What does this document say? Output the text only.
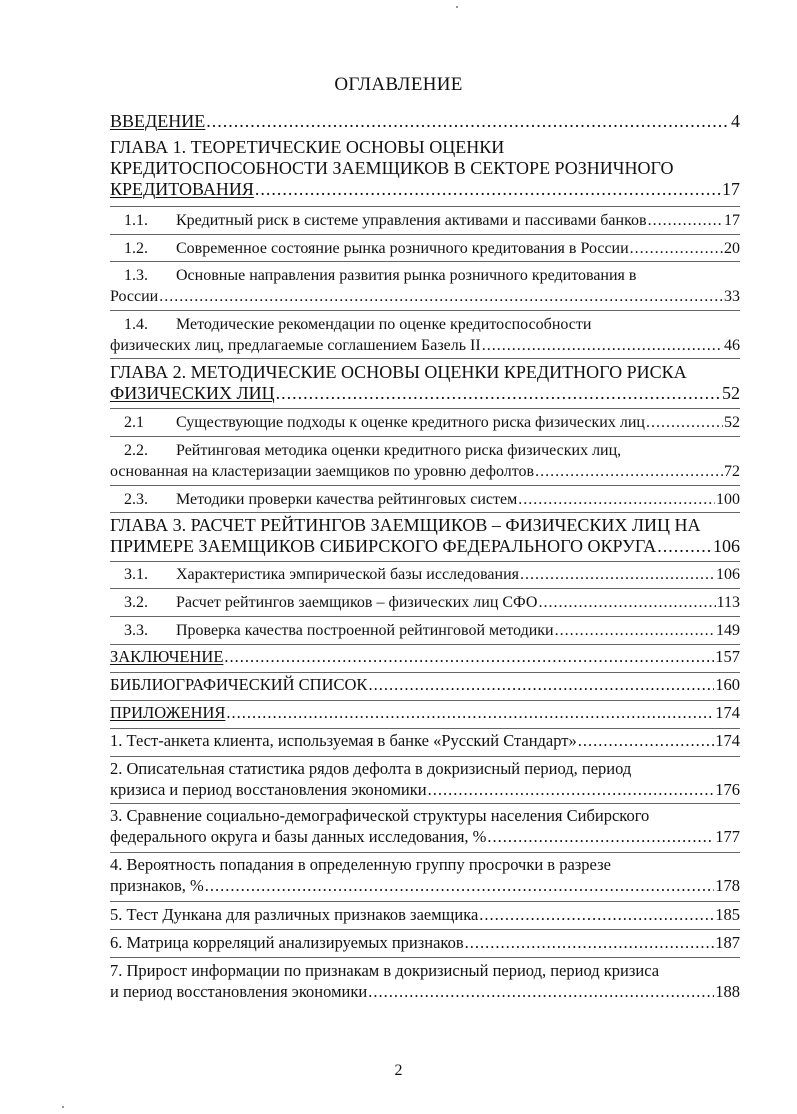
ОГЛАВЛЕНИЕ
ВВЕДЕНИЕ .....	4
ГЛАВА 1. ТЕОРЕТИЧЕСКИЕ ОСНОВЫ ОЦЕНКИ
КРЕДИТОСПОСОБНОСТИ ЗАЕМЩИКОВ В СЕКТОРЕ РОЗНИЧНОГО
КРЕДИТОВАНИЯ .....	17
1.1.	Кредитный риск в системе управления активами и пассивами банков .....	17
1.2.	Современное состояние рынка розничного кредитования в России .....	20
1.3.	Основные направления развития рынка розничного кредитования в
России .....	33
1.4.	Методические рекомендации по оценке кредитоспособности
физических лиц, предлагаемые соглашением Базель II .....	46
ГЛАВА 2. МЕТОДИЧЕСКИЕ ОСНОВЫ ОЦЕНКИ КРЕДИТНОГО РИСКА
ФИЗИЧЕСКИХ ЛИЦ .....	52
2.1	Существующие подходы к оценке кредитного риска физических лиц .....	52
2.2.	Рейтинговая методика оценки кредитного риска физических лиц,
основанная на кластеризации заемщиков по уровню дефолтов .....	72
2.3.	Методики проверки качества рейтинговых систем .....	100
ГЛАВА 3. РАСЧЕТ РЕЙТИНГОВ ЗАЕМЩИКОВ – ФИЗИЧЕСКИХ ЛИЦ НА
ПРИМЕРЕ ЗАЕМЩИКОВ СИБИРСКОГО ФЕДЕРАЛЬНОГО ОКРУГА .....	106
3.1.	Характеристика эмпирической базы исследования .....	106
3.2.	Расчет рейтингов заемщиков – физических лиц СФО .....	113
3.3.	Проверка качества построенной рейтинговой методики .....	149
ЗАКЛЮЧЕНИЕ .....	157
БИБЛИОГРАФИЧЕСКИЙ СПИСОК .....	160
ПРИЛОЖЕНИЯ .....	174
1. Тест-анкета клиента, используемая в банке «Русский Стандарт» .....	174
2. Описательная статистика рядов дефолта в докризисный период, период
кризиса и период восстановления экономики .....	176
3. Сравнение социально-демографической структуры населения Сибирского
федерального округа и базы данных исследования, % .....	177
4. Вероятность попадания в определенную группу просрочки в разрезе
признаков, % .....	178
5. Тест Дункана для различных признаков заемщика .....	185
6. Матрица корреляций анализируемых признаков .....	187
7. Прирост информации по признакам в докризисный период, период кризиса
и период восстановления экономики .....	188
2
